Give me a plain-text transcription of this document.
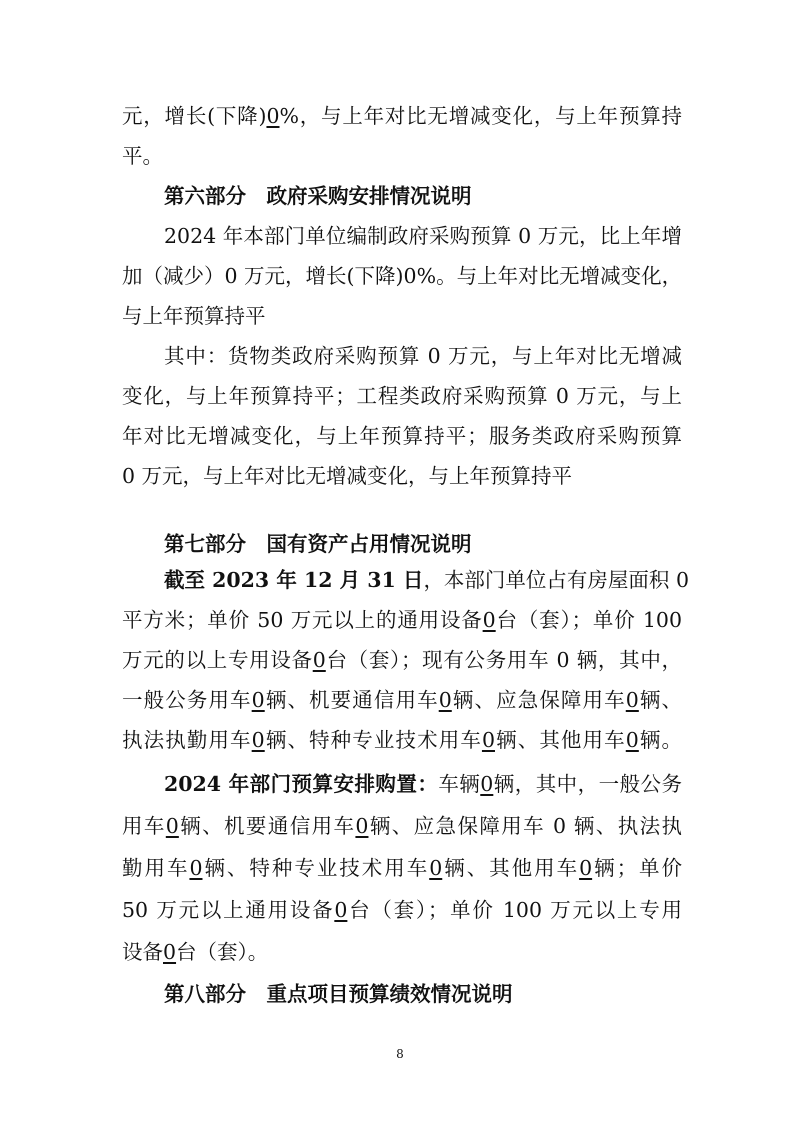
元，增长(下降)0%，与上年对比无增减变化，与上年预算持
平。
第六部分　政府采购安排情况说明
2024 年本部门单位编制政府采购预算 0 万元，比上年增
加（减少）0 万元，增长(下降)0%。与上年对比无增减变化，
与上年预算持平
其中：货物类政府采购预算 0 万元，与上年对比无增减
变化，与上年预算持平；工程类政府采购预算 0 万元，与上
年对比无增减变化，与上年预算持平；服务类政府采购预算
0 万元，与上年对比无增减变化，与上年预算持平
第七部分　国有资产占用情况说明
截至 2023 年 12 月 31 日，本部门单位占有房屋面积 0
平方米；单价 50 万元以上的通用设备0台（套）；单价 100
万元的以上专用设备0台（套）；现有公务用车 0 辆，其中，
一般公务用车0辆、机要通信用车0辆、应急保障用车0辆、
执法执勤用车0辆、特种专业技术用车0辆、其他用车0辆。
2024 年部门预算安排购置：车辆0辆，其中，一般公务
用车0辆、机要通信用车0辆、应急保障用车 0 辆、执法执
勤用车0辆、特种专业技术用车0辆、其他用车0辆；单价
50 万元以上通用设备0台（套）；单价 100 万元以上专用
设备0台（套）。
第八部分　重点项目预算绩效情况说明
8
